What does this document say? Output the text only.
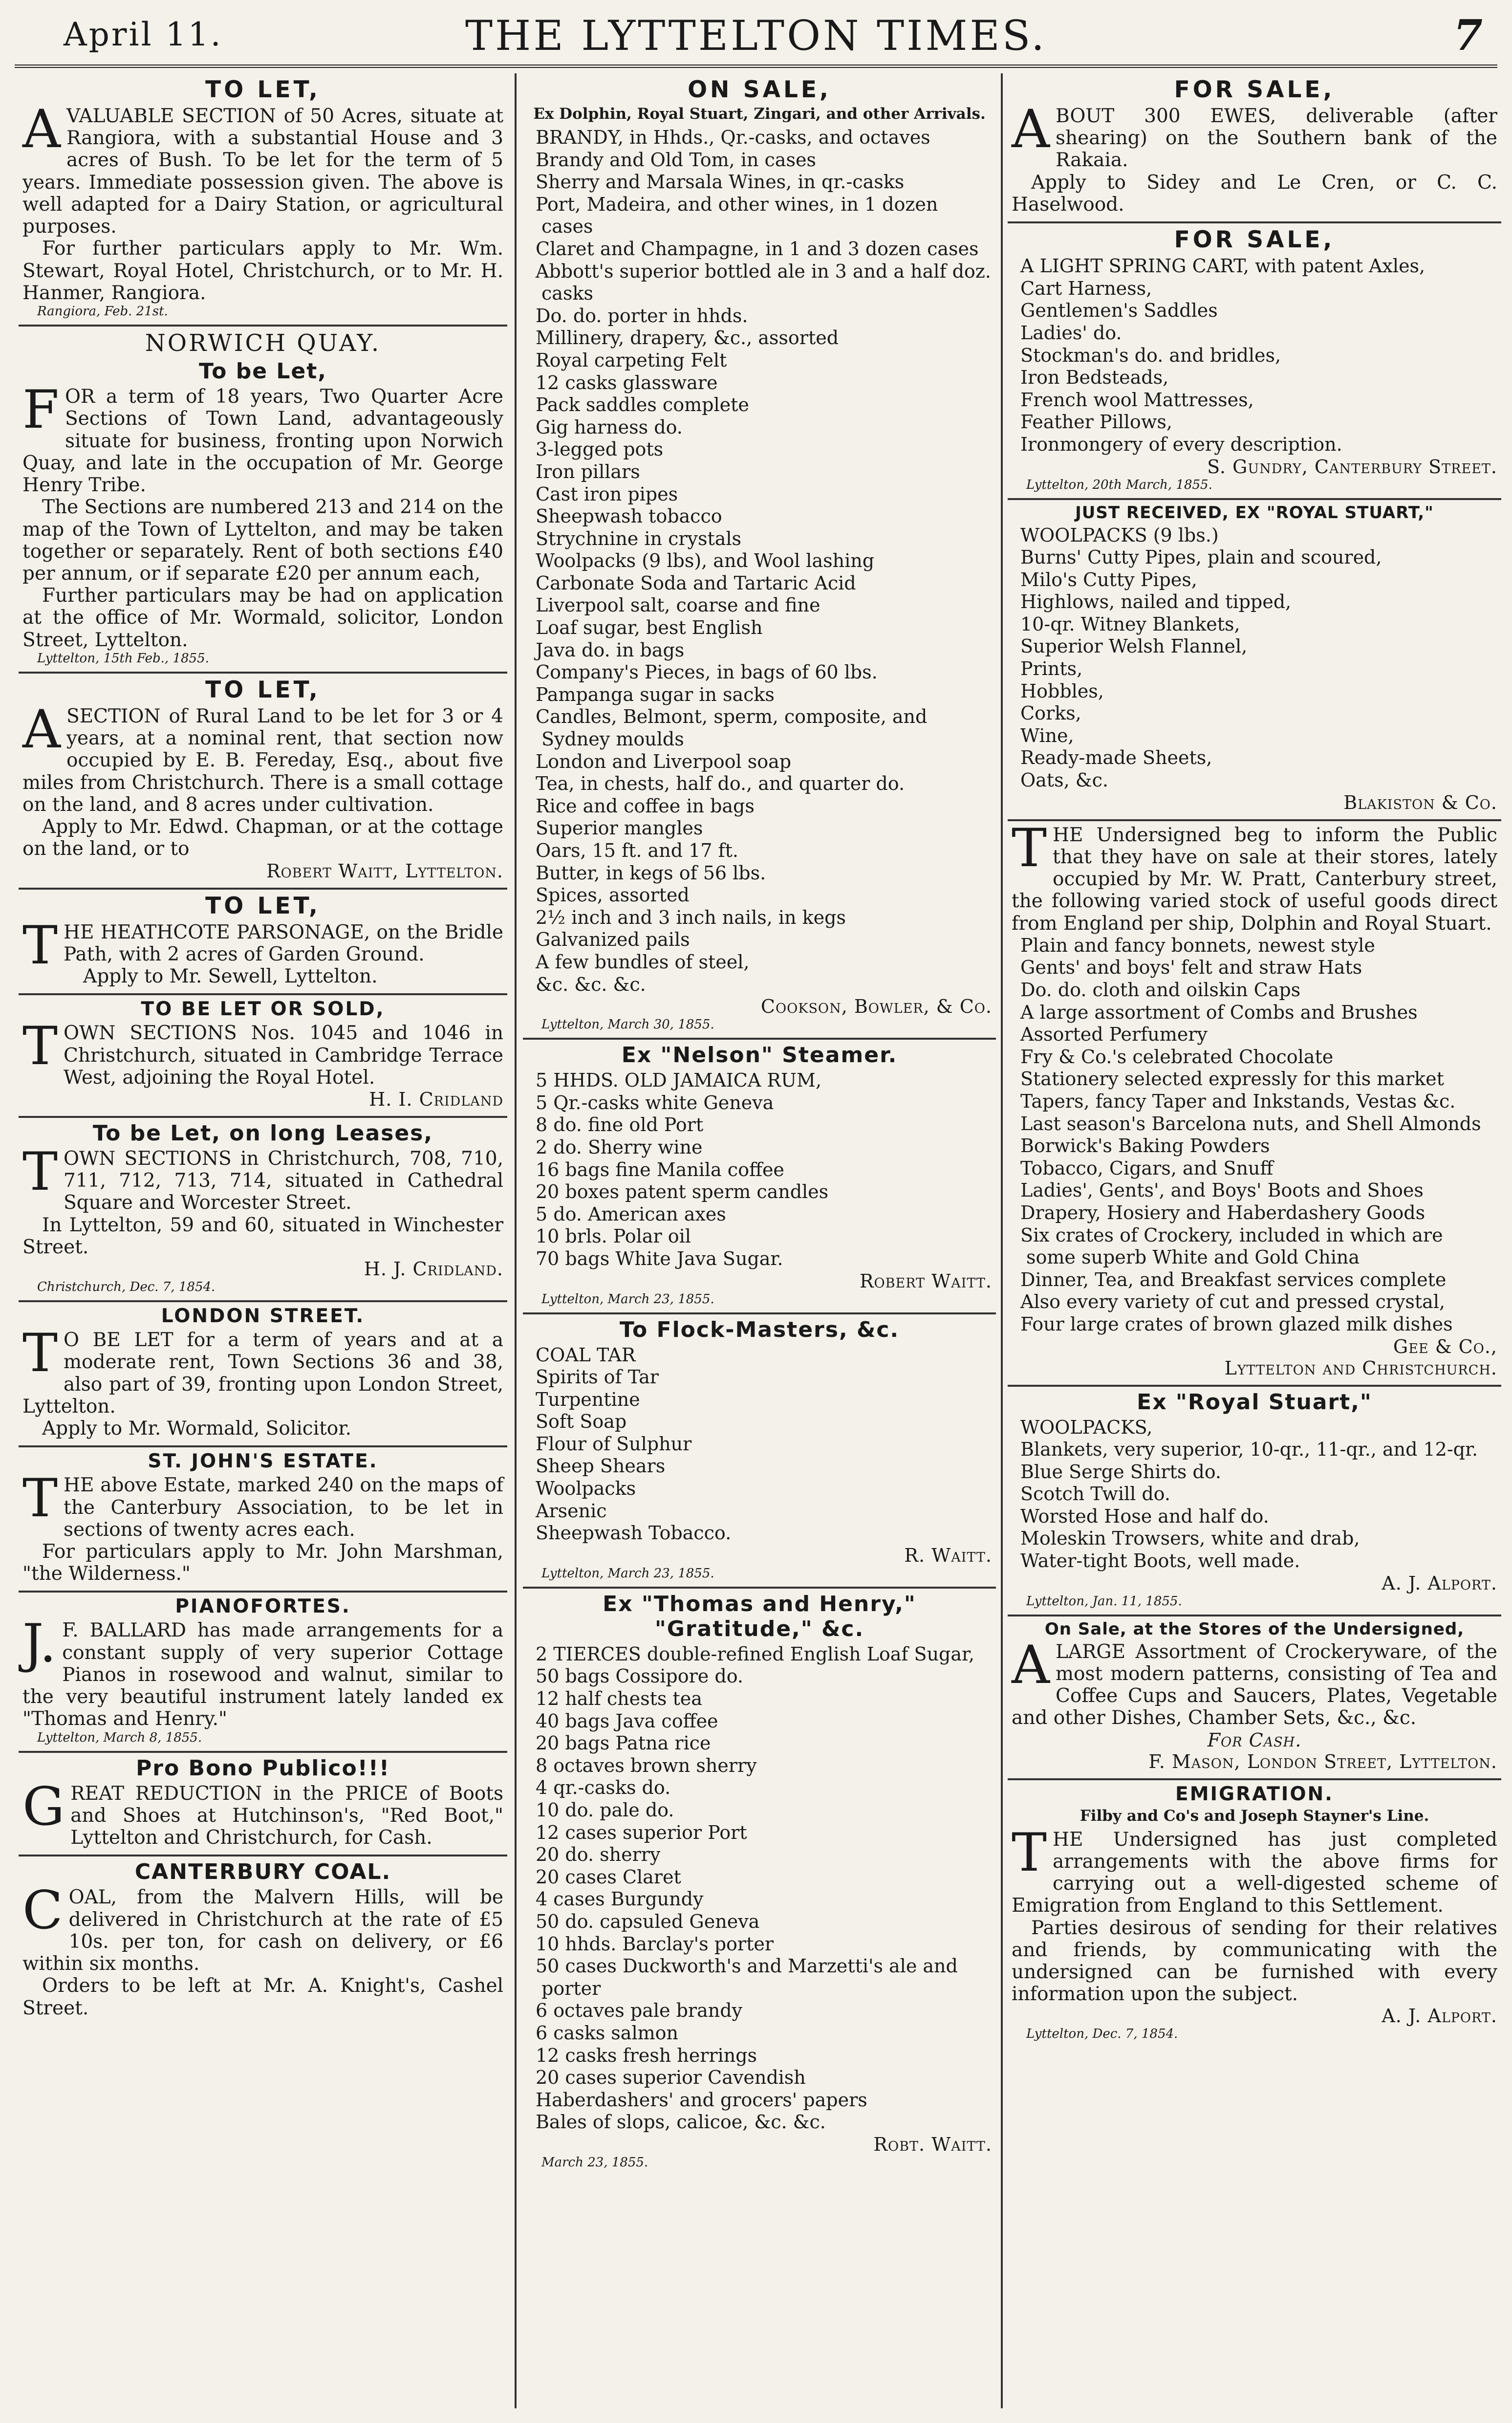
April 11.	THE LYTTELTON TIMES.	7
TO LET,

AVALUABLE SECTION of 50 Acres, situate at Rangiora, with a substantial House and 3 acres of Bush. To be let for the term of 5 years. Immediate possession given. The above is well adapted for a Dairy Station, or agricultural purposes.

For further particulars apply to Mr. Wm. Stewart, Royal Hotel, Christchurch, or to Mr. H. Hanmer, Rangiora.

Rangiora, Feb. 21st.
NORWICH QUAY.
To be Let,

FOR a term of 18 years, Two Quarter Acre Sections of Town Land, advantageously situate for business, fronting upon Norwich Quay, and late in the occupation of Mr. George Henry Tribe.

The Sections are numbered 213 and 214 on the map of the Town of Lyttelton, and may be taken together or separately. Rent of both sections £40 per annum, or if separate £20 per annum each,

Further particulars may be had on application at the office of Mr. Wormald, solicitor, London Street, Lyttelton.

Lyttelton, 15th Feb., 1855.
TO LET,

ASECTION of Rural Land to be let for 3 or 4 years, at a nominal rent, that section now occupied by E. B. Fereday, Esq., about five miles from Christchurch. There is a small cottage on the land, and 8 acres under cultivation.

Apply to Mr. Edwd. Chapman, or at the cottage on the land, or to

Robert Waitt, Lyttelton.
TO LET,

THE HEATHCOTE PARSONAGE, on the Bridle Path, with 2 acres of Garden Ground.

Apply to Mr. Sewell, Lyttelton.

TO BE LET OR SOLD,

TOWN SECTIONS Nos. 1045 and 1046 in Christchurch, situated in Cambridge Terrace West, adjoining the Royal Hotel.

H. I. Cridland
To be Let, on long Leases,

TOWN SECTIONS in Christchurch, 708, 710, 711, 712, 713, 714, situated in Cathedral Square and Worcester Street.

In Lyttelton, 59 and 60, situated in Winchester Street.

H. J. Cridland.
Christchurch, Dec. 7, 1854.
LONDON STREET.

TO BE LET for a term of years and at a moderate rent, Town Sections 36 and 38, also part of 39, fronting upon London Street, Lyttelton.

Apply to Mr. Wormald, Solicitor.

ST. JOHN'S ESTATE.

THE above Estate, marked 240 on the maps of the Canterbury Association, to be let in sections of twenty acres each.

For particulars apply to Mr. John Marshman, "the Wilderness."

PIANOFORTES.

J.F. BALLARD has made arrangements for a constant supply of very superior Cottage Pianos in rosewood and walnut, similar to the very beautiful instrument lately landed ex "Thomas and Henry."

Lyttelton, March 8, 1855.
Pro Bono Publico!!!

GREAT REDUCTION in the PRICE of Boots and Shoes at Hutchinson's, "Red Boot," Lyttelton and Christchurch, for Cash.

CANTERBURY COAL.

COAL, from the Malvern Hills, will be delivered in Christchurch at the rate of £5 10s. per ton, for cash on delivery, or £6 within six months.

Orders to be left at Mr. A. Knight's, Cashel Street.

ON SALE,
Ex Dolphin, Royal Stuart, Zingari, and other Arrivals.
BRANDY, in Hhds., Qr.-casks, and octaves
Brandy and Old Tom, in cases
Sherry and Marsala Wines, in qr.-casks
Port, Madeira, and other wines, in 1 dozen cases
Claret and Champagne, in 1 and 3 dozen cases
Abbott's superior bottled ale in 3 and a half doz. casks
Do. do. porter in hhds.
Millinery, drapery, &c., assorted
Royal carpeting Felt
12 casks glassware
Pack saddles complete
Gig harness do.
3-legged pots
Iron pillars
Cast iron pipes
Sheepwash tobacco
Strychnine in crystals
Woolpacks (9 lbs), and Wool lashing
Carbonate Soda and Tartaric Acid
Liverpool salt, coarse and fine
Loaf sugar, best English
Java do. in bags
Company's Pieces, in bags of 60 lbs.
Pampanga sugar in sacks
Candles, Belmont, sperm, composite, and Sydney moulds
London and Liverpool soap
Tea, in chests, half do., and quarter do.
Rice and coffee in bags
Superior mangles
Oars, 15 ft. and 17 ft.
Butter, in kegs of 56 lbs.
Spices, assorted
2½ inch and 3 inch nails, in kegs
Galvanized pails
A few bundles of steel,
&c. &c. &c.
Cookson, Bowler, & Co.
Lyttelton, March 30, 1855.
Ex "Nelson" Steamer.
5 HHDS. OLD JAMAICA RUM,
5 Qr.-casks white Geneva
8 do. fine old Port
2 do. Sherry wine
16 bags fine Manila coffee
20 boxes patent sperm candles
5 do. American axes
10 brls. Polar oil
70 bags White Java Sugar.
Robert Waitt.
Lyttelton, March 23, 1855.
To Flock-Masters, &c.
COAL TAR
Spirits of Tar
Turpentine
Soft Soap
Flour of Sulphur
Sheep Shears
Woolpacks
Arsenic
Sheepwash Tobacco.
R. Waitt.
Lyttelton, March 23, 1855.
Ex "Thomas and Henry," "Gratitude," &c.
2 TIERCES double-refined English Loaf Sugar,
50 bags Cossipore do.
12 half chests tea
40 bags Java coffee
20 bags Patna rice
8 octaves brown sherry
4 qr.-casks do.
10 do. pale do.
12 cases superior Port
20 do. sherry
20 cases Claret
4 cases Burgundy
50 do. capsuled Geneva
10 hhds. Barclay's porter
50 cases Duckworth's and Marzetti's ale and porter
6 octaves pale brandy
6 casks salmon
12 casks fresh herrings
20 cases superior Cavendish
Haberdashers' and grocers' papers
Bales of slops, calicoe, &c. &c.
Robt. Waitt.
March 23, 1855.
FOR SALE,

ABOUT 300 EWES, deliverable (after shearing) on the Southern bank of the Rakaia.

Apply to Sidey and Le Cren, or C. C. Haselwood.

FOR SALE,
A LIGHT SPRING CART, with patent Axles,
Cart Harness,
Gentlemen's Saddles
Ladies' do.
Stockman's do. and bridles,
Iron Bedsteads,
French wool Mattresses,
Feather Pillows,
Ironmongery of every description.
S. Gundry, Canterbury Street.
Lyttelton, 20th March, 1855.
JUST RECEIVED, EX "ROYAL STUART,"
WOOLPACKS (9 lbs.)
Burns' Cutty Pipes, plain and scoured,
Milo's Cutty Pipes,
Highlows, nailed and tipped,
10-qr. Witney Blankets,
Superior Welsh Flannel,
Prints,
Hobbles,
Corks,
Wine,
Ready-made Sheets,
Oats, &c.
Blakiston & Co.

THE Undersigned beg to inform the Public that they have on sale at their stores, lately occupied by Mr. W. Pratt, Canterbury street, the following varied stock of useful goods direct from England per ship, Dolphin and Royal Stuart.

Plain and fancy bonnets, newest style
Gents' and boys' felt and straw Hats
Do. do. cloth and oilskin Caps
A large assortment of Combs and Brushes
Assorted Perfumery
Fry & Co.'s celebrated Chocolate
Stationery selected expressly for this market
Tapers, fancy Taper and Inkstands, Vestas &c.
Last season's Barcelona nuts, and Shell Almonds
Borwick's Baking Powders
Tobacco, Cigars, and Snuff
Ladies', Gents', and Boys' Boots and Shoes
Drapery, Hosiery and Haberdashery Goods
Six crates of Crockery, included in which are some superb White and Gold China
Dinner, Tea, and Breakfast services complete
Also every variety of cut and pressed crystal,
Four large crates of brown glazed milk dishes
Gee & Co.,
Lyttelton and Christchurch.
Ex "Royal Stuart,"
WOOLPACKS,
Blankets, very superior, 10-qr., 11-qr., and 12-qr.
Blue Serge Shirts do.
Scotch Twill do.
Worsted Hose and half do.
Moleskin Trowsers, white and drab,
Water-tight Boots, well made.
A. J. Alport.
Lyttelton, Jan. 11, 1855.
On Sale, at the Stores of the Undersigned,

ALARGE Assortment of Crockeryware, of the most modern patterns, consisting of Tea and Coffee Cups and Saucers, Plates, Vegetable and other Dishes, Chamber Sets, &c., &c.

For Cash.
F. Mason, London Street, Lyttelton.
EMIGRATION.
Filby and Co's and Joseph Stayner's Line.

THE Undersigned has just completed arrangements with the above firms for carrying out a well-digested scheme of Emigration from England to this Settlement.

Parties desirous of sending for their relatives and friends, by communicating with the undersigned can be furnished with every information upon the subject.

A. J. Alport.
Lyttelton, Dec. 7, 1854.
